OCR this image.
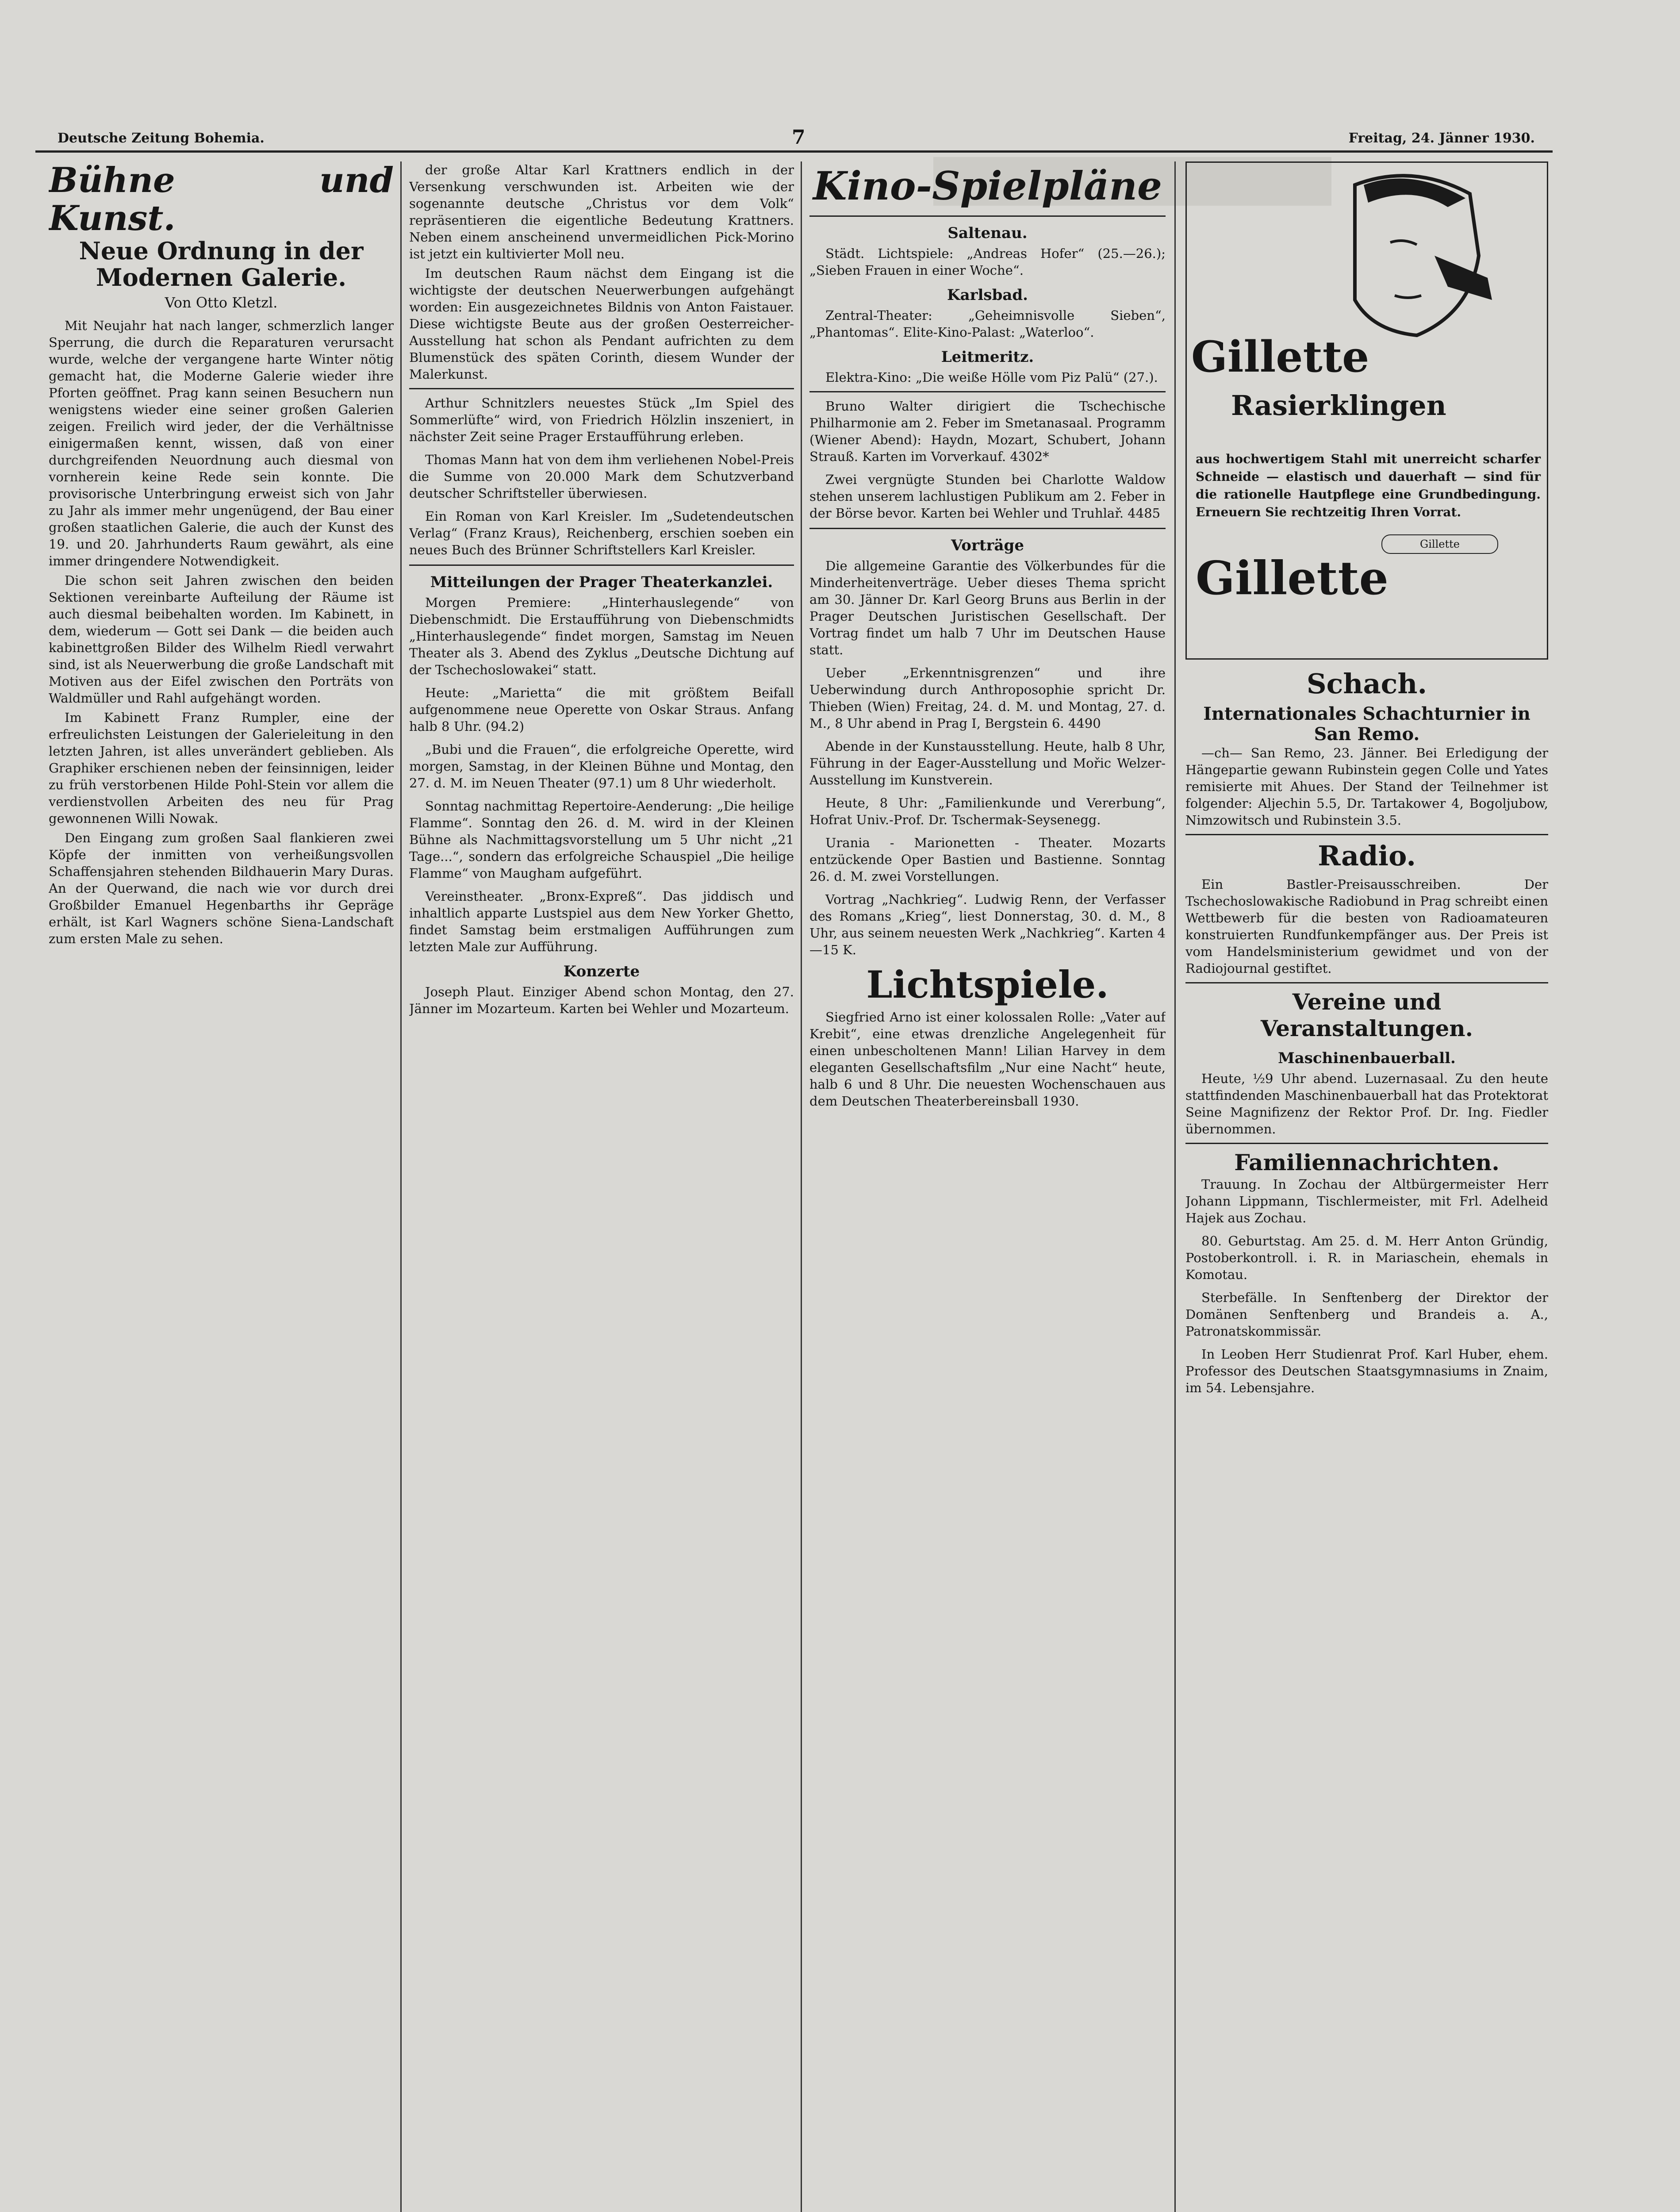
Deutsche Zeitung Bohemia.	7	Freitag, 24. Jänner 1930.
Bühne und Kunst.
Neue Ordnung in der Modernen Galerie.
Von Otto Kletzl.

Mit Neujahr hat nach langer, schmerzlich langer Sperrung, die durch die Reparaturen verursacht wurde, welche der vergangene harte Winter nötig gemacht hat, die Moderne Galerie wieder ihre Pforten geöffnet. Prag kann seinen Besuchern nun wenigstens wieder eine seiner großen Galerien zeigen. Freilich wird jeder, der die Verhältnisse einigermaßen kennt, wissen, daß von einer durchgreifenden Neuordnung auch diesmal von vornherein keine Rede sein konnte. Die provisorische Unterbringung erweist sich von Jahr zu Jahr als immer mehr ungenügend, der Bau einer großen staatlichen Galerie, die auch der Kunst des 19. und 20. Jahrhunderts Raum gewährt, als eine immer dringendere Notwendigkeit.

Die schon seit Jahren zwischen den beiden Sektionen vereinbarte Aufteilung der Räume ist auch diesmal beibehalten worden. Im Kabinett, in dem, wiederum — Gott sei Dank — die beiden auch kabinettgroßen Bilder des Wilhelm Riedl verwahrt sind, ist als Neuerwerbung die große Landschaft mit Motiven aus der Eifel zwischen den Porträts von Waldmüller und Rahl aufgehängt worden.

Im Kabinett Franz Rumpler, eine der erfreulichsten Leistungen der Galerieleitung in den letzten Jahren, ist alles unverändert geblieben. Als Graphiker erschienen neben der feinsinnigen, leider zu früh verstorbenen Hilde Pohl-Stein vor allem die verdienstvollen Arbeiten des neu für Prag gewonnenen Willi Nowak.

Den Eingang zum großen Saal flankieren zwei Köpfe der inmitten von verheißungsvollen Schaffensjahren stehenden Bildhauerin Mary Duras. An der Querwand, die nach wie vor durch drei Großbilder Emanuel Hegenbarths ihr Gepräge erhält, ist Karl Wagners schöne Siena-Landschaft zum ersten Male zu sehen.

der große Altar Karl Krattners endlich in der Versenkung verschwunden ist. Arbeiten wie der sogenannte deutsche „Christus vor dem Volk“ repräsentieren die eigentliche Bedeutung Krattners. Neben einem anscheinend unvermeidlichen Pick-Morino ist jetzt ein kultivierter Moll neu.

Im deutschen Raum nächst dem Eingang ist die wichtigste der deutschen Neuerwerbungen aufgehängt worden: Ein ausgezeichnetes Bildnis von Anton Faistauer. Diese wichtigste Beute aus der großen Oesterreicher-Ausstellung hat schon als Pendant aufrichten zu dem Blumenstück des späten Corinth, diesem Wunder der Malerkunst.

Arthur Schnitzlers neuestes Stück „Im Spiel des Sommerlüfte“ wird, von Friedrich Hölzlin inszeniert, in nächster Zeit seine Prager Erstaufführung erleben.

Thomas Mann hat von dem ihm verliehenen Nobel-Preis die Summe von 20.000 Mark dem Schutzverband deutscher Schriftsteller überwiesen.

Ein Roman von Karl Kreisler. Im „Sudetendeutschen Verlag“ (Franz Kraus), Reichenberg, erschien soeben ein neues Buch des Brünner Schriftstellers Karl Kreisler.

Mitteilungen der Prager Theaterkanzlei.

Morgen Premiere: „Hinterhauslegende“ von Diebenschmidt. Die Erstaufführung von Diebenschmidts „Hinterhauslegende“ findet morgen, Samstag im Neuen Theater als 3. Abend des Zyklus „Deutsche Dichtung auf der Tschechoslowakei“ statt.

Heute: „Marietta“ die mit größtem Beifall aufgenommene neue Operette von Oskar Straus. Anfang halb 8 Uhr. (94.2)

„Bubi und die Frauen“, die erfolgreiche Operette, wird morgen, Samstag, in der Kleinen Bühne und Montag, den 27. d. M. im Neuen Theater (97.1) um 8 Uhr wiederholt.

Sonntag nachmittag Repertoire-Aenderung: „Die heilige Flamme“. Sonntag den 26. d. M. wird in der Kleinen Bühne als Nachmittagsvorstellung um 5 Uhr nicht „21 Tage...“, sondern das erfolgreiche Schauspiel „Die heilige Flamme“ von Maugham aufgeführt.

Vereinstheater. „Bronx-Expreß“. Das jiddisch und inhaltlich apparte Lustspiel aus dem New Yorker Ghetto, findet Samstag beim erstmaligen Aufführungen zum letzten Male zur Aufführung.

Konzerte

Joseph Plaut. Einziger Abend schon Montag, den 27. Jänner im Mozarteum. Karten bei Wehler und Mozarteum.

Kino-Spielpläne
Saltenau.

Städt. Lichtspiele: „Andreas Hofer“ (25.—26.); „Sieben Frauen in einer Woche“.

Karlsbad.

Zentral-Theater: „Geheimnisvolle Sieben“, „Phantomas“. Elite-Kino-Palast: „Waterloo“.

Leitmeritz.

Elektra-Kino: „Die weiße Hölle vom Piz Palü“ (27.).

Bruno Walter dirigiert die Tschechische Philharmonie am 2. Feber im Smetanasaal. Programm (Wiener Abend): Haydn, Mozart, Schubert, Johann Strauß. Karten im Vorverkauf. 4302*

Zwei vergnügte Stunden bei Charlotte Waldow stehen unserem lachlustigen Publikum am 2. Feber in der Börse bevor. Karten bei Wehler und Truhlař. 4485

Vorträge

Die allgemeine Garantie des Völkerbundes für die Minderheitenverträge. Ueber dieses Thema spricht am 30. Jänner Dr. Karl Georg Bruns aus Berlin in der Prager Deutschen Juristischen Gesellschaft. Der Vortrag findet um halb 7 Uhr im Deutschen Hause statt.

Ueber „Erkenntnisgrenzen“ und ihre Ueberwindung durch Anthroposophie spricht Dr. Thieben (Wien) Freitag, 24. d. M. und Montag, 27. d. M., 8 Uhr abend in Prag I, Bergstein 6. 4490

Abende in der Kunstausstellung. Heute, halb 8 Uhr, Führung in der Eager-Ausstellung und Mořic Welzer-Ausstellung im Kunstverein.

Heute, 8 Uhr: „Familienkunde und Vererbung“, Hofrat Univ.-Prof. Dr. Tschermak-Seysenegg.

Urania - Marionetten - Theater. Mozarts entzückende Oper Bastien und Bastienne. Sonntag 26. d. M. zwei Vorstellungen.

Vortrag „Nachkrieg“. Ludwig Renn, der Verfasser des Romans „Krieg“, liest Donnerstag, 30. d. M., 8 Uhr, aus seinem neuesten Werk „Nachkrieg“. Karten 4—15 K.

Lichtspiele.

Siegfried Arno ist einer kolossalen Rolle: „Vater auf Krebit“, eine etwas drenzliche Angelegenheit für einen unbescholtenen Mann! Lilian Harvey in dem eleganten Gesellschaftsfilm „Nur eine Nacht“ heute, halb 6 und 8 Uhr. Die neuesten Wochenschauen aus dem Deutschen Theaterbereinsball 1930.

Gillette
Rasierklingen
aus hochwertigem Stahl mit unerreicht scharfer Schneide — elastisch und dauerhaft — sind für die rationelle Hautpflege eine Grundbedingung. Erneuern Sie rechtzeitig Ihren Vorrat.
Gillette
Gillette
Schach.
Internationales Schachturnier in San Remo.

—ch— San Remo, 23. Jänner. Bei Erledigung der Hängepartie gewann Rubinstein gegen Colle und Yates remisierte mit Ahues. Der Stand der Teilnehmer ist folgender: Aljechin 5.5, Dr. Tartakower 4, Bogoljubow, Nimzowitsch und Rubinstein 3.5.

Radio.

Ein Bastler-Preisausschreiben. Der Tschechoslowakische Radiobund in Prag schreibt einen Wettbewerb für die besten von Radioamateuren konstruierten Rundfunkempfänger aus. Der Preis ist vom Handelsministerium gewidmet und von der Radiojournal gestiftet.

Vereine und Veranstaltungen.
Maschinenbauerball.

Heute, ½9 Uhr abend. Luzernasaal. Zu den heute stattfindenden Maschinenbauerball hat das Protektorat Seine Magnifizenz der Rektor Prof. Dr. Ing. Fiedler übernommen.

Familiennachrichten.

Trauung. In Zochau der Altbürgermeister Herr Johann Lippmann, Tischlermeister, mit Frl. Adelheid Hajek aus Zochau.

80. Geburtstag. Am 25. d. M. Herr Anton Gründig, Postoberkontroll. i. R. in Mariaschein, ehemals in Komotau.

Sterbefälle. In Senftenberg der Direktor der Domänen Senftenberg und Brandeis a. A., Patronatskommissär.

In Leoben Herr Studienrat Prof. Karl Huber, ehem. Professor des Deutschen Staatsgymnasiums in Znaim, im 54. Lebensjahre.
